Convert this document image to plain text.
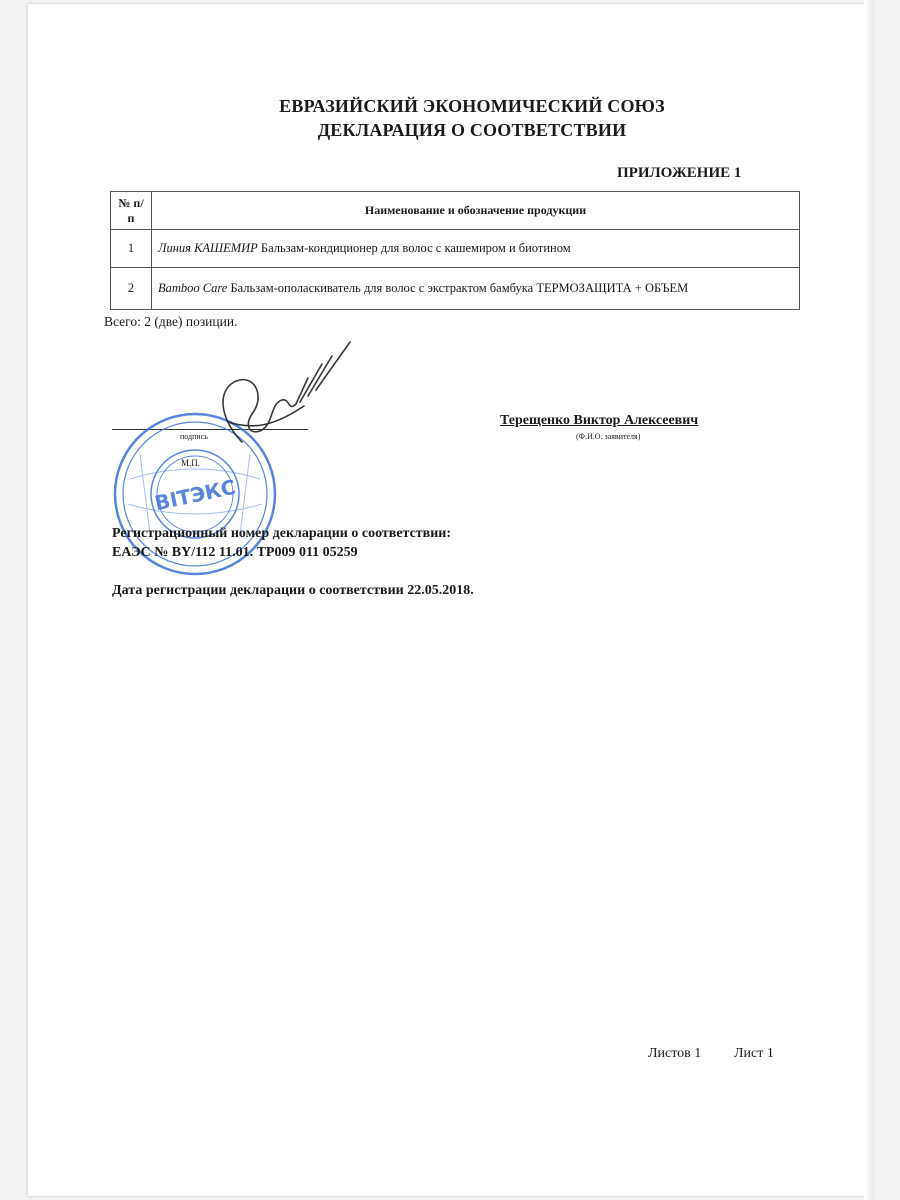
ЕВРАЗИЙСКИЙ ЭКОНОМИЧЕСКИЙ СОЮЗ
ДЕКЛАРАЦИЯ О СООТВЕТСТВИИ
ПРИЛОЖЕНИЕ 1
№ п/п	Наименование и обозначение продукции
1	Линия КАШЕМИР Бальзам-кондиционер для волос с кашемиром и биотином
2	Bamboo Care Бальзам-ополаскиватель для волос с экстрактом бамбука ТЕРМОЗАЩИТА + ОБЪЕМ
Всего: 2 (две) позиции.
подпись
М.П.
Терещенко Виктор Алексеевич
(Ф.И.О. заявителя)
ВІТЭКС
Регистрационный номер декларации о соответствии:
ЕАЭС № BY/112 11.01. ТР009 011 05259
Дата регистрации декларации о соответствии 22.05.2018.
Листов 1 Лист 1
